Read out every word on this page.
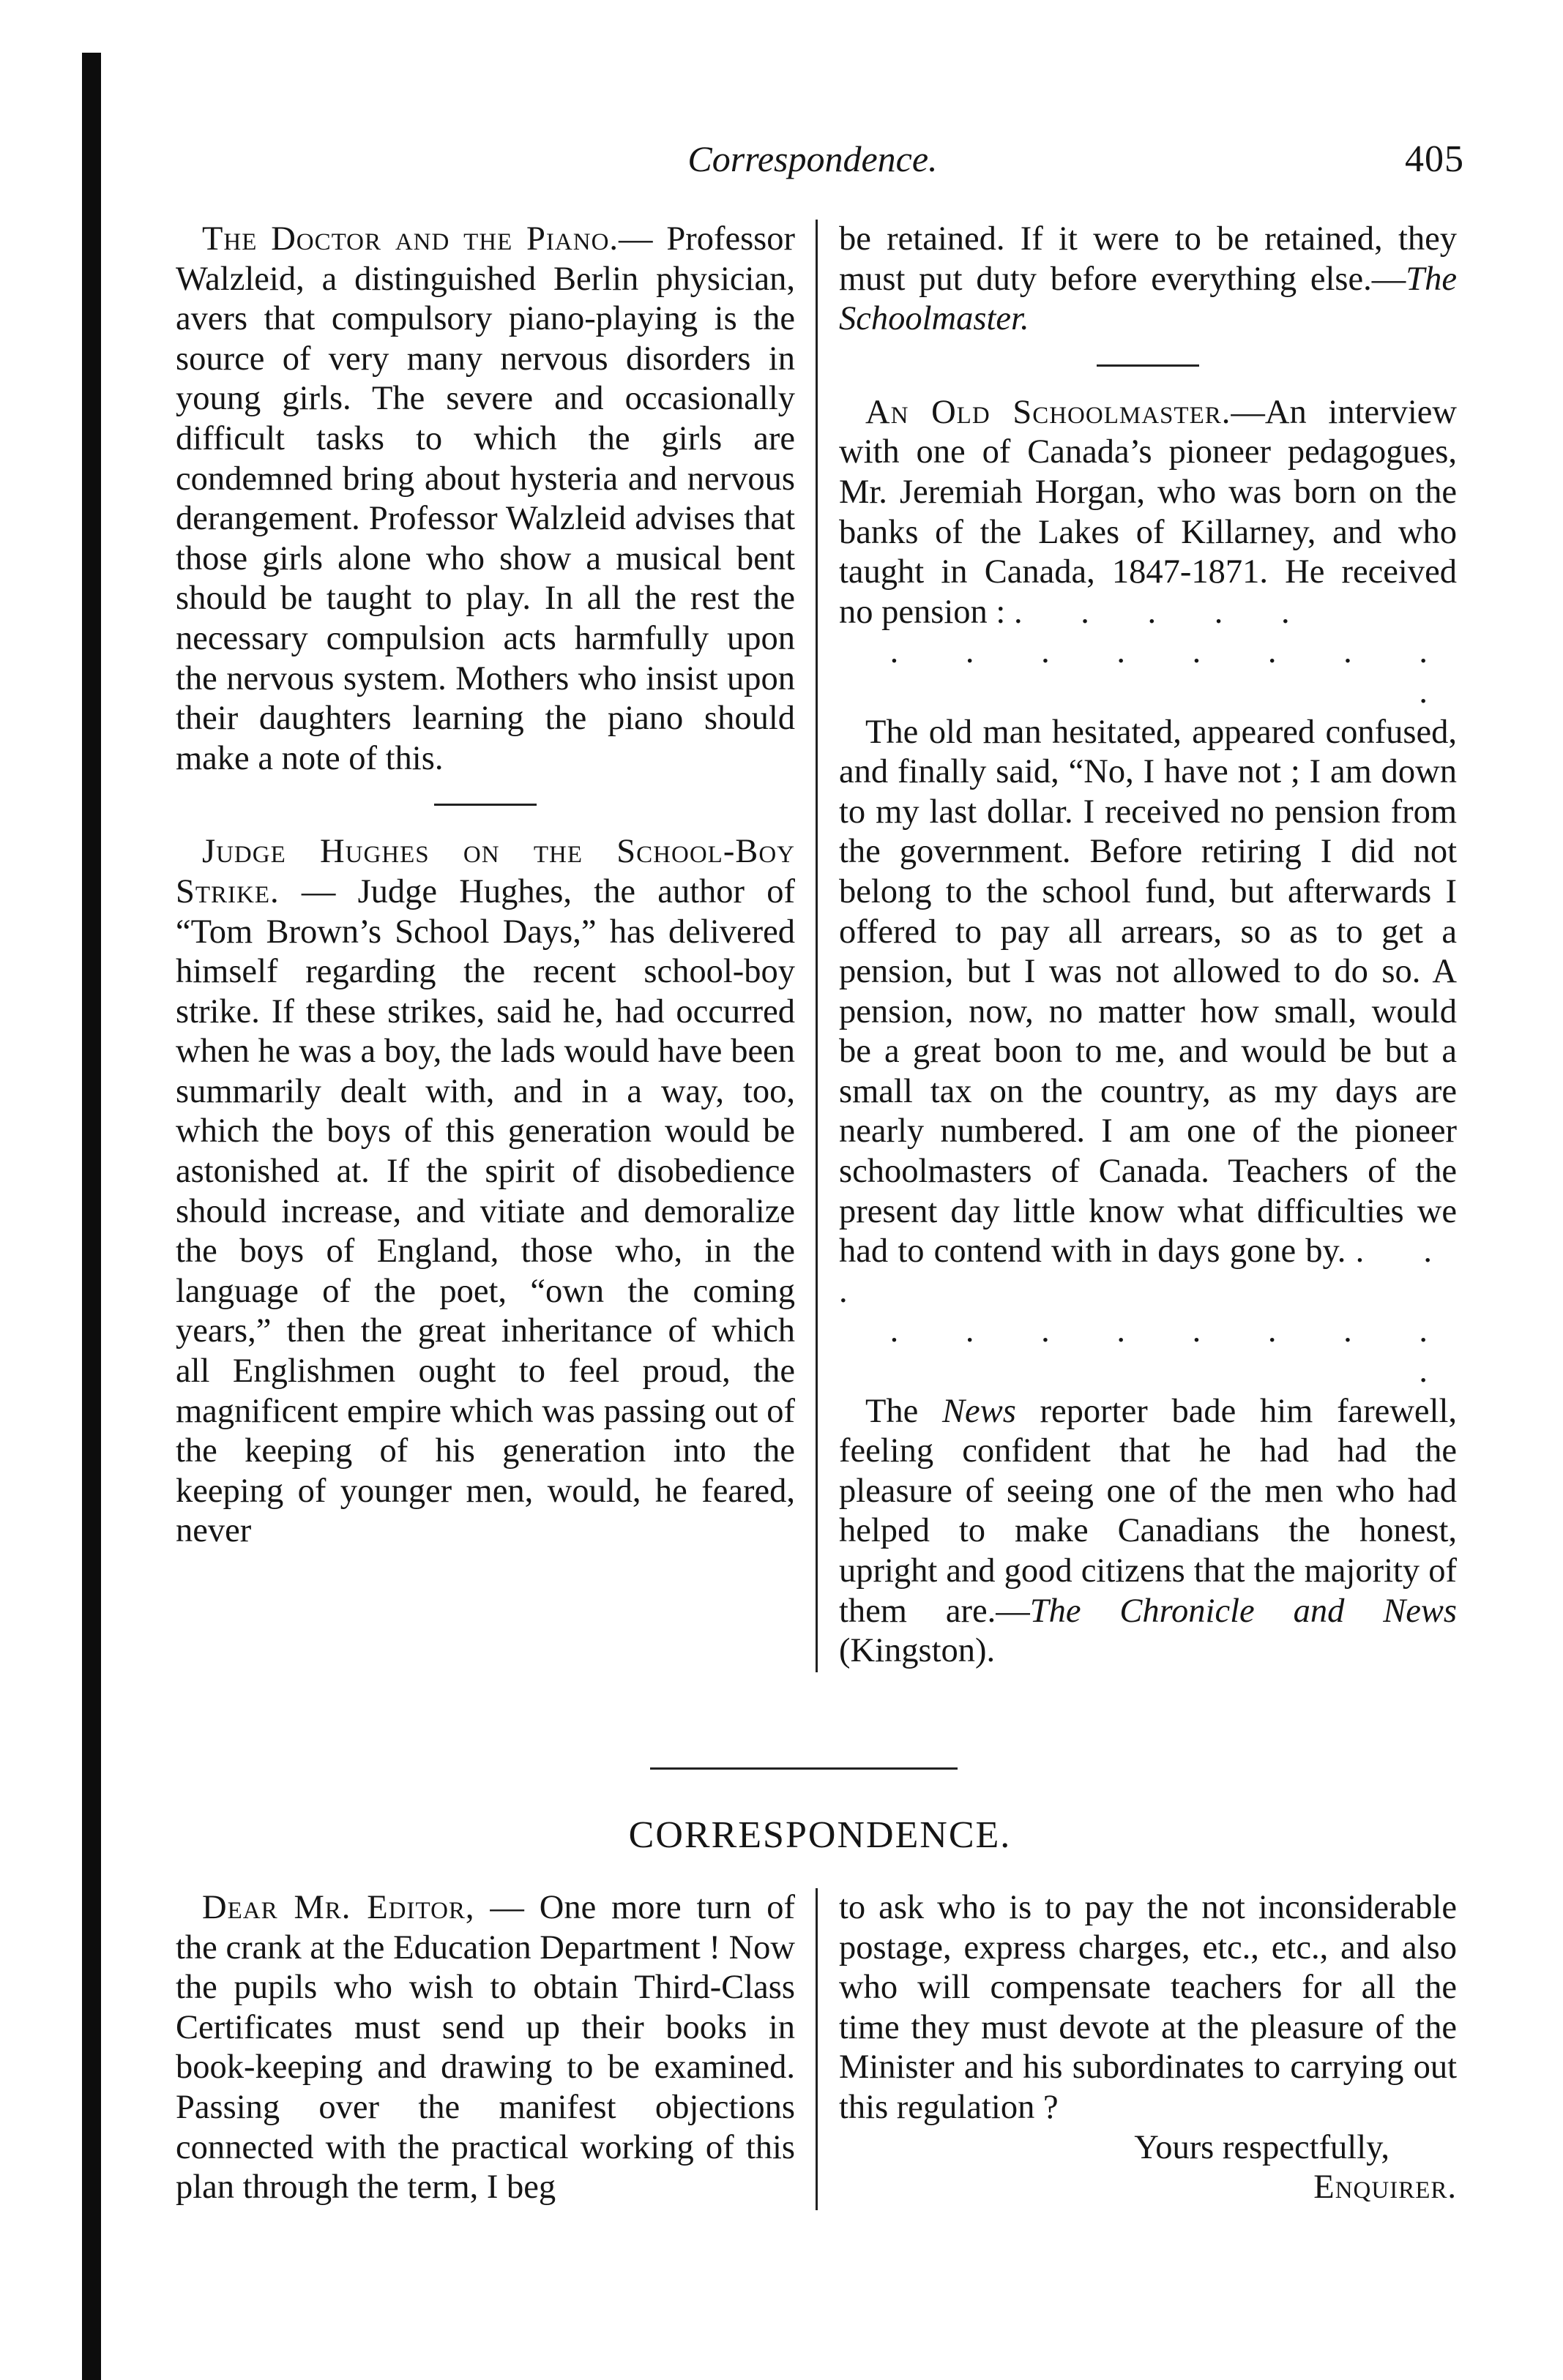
Correspondence.	405

The Doctor and the Piano.— Professor Walzleid, a distinguished Berlin physician, avers that compulsory piano-playing is the source of very many nervous disorders in young girls. The severe and occasionally difficult tasks to which the girls are condemned bring about hysteria and nervous derangement. Professor Walzleid advises that those girls alone who show a musical bent should be taught to play. In all the rest the necessary compulsion acts harmfully upon the nervous system. Mothers who insist upon their daughters learning the piano should make a note of this.

Judge Hughes on the School-Boy Strike. — Judge Hughes, the author of “Tom Brown’s School Days,” has delivered himself regarding the recent school-boy strike. If these strikes, said he, had occurred when he was a boy, the lads would have been summarily dealt with, and in a way, too, which the boys of this generation would be astonished at. If the spirit of disobedience should increase, and vitiate and demoralize the boys of England, those who, in the language of the poet, “own the coming years,” then the great inheritance of which all Englishmen ought to feel proud, the magnificent empire which was passing out of the keeping of his generation into the keeping of younger men, would, he feared, never

be retained. If it were to be retained, they must put duty before everything else.—The Schoolmaster.

An Old Schoolmaster.—An interview with one of Canada’s pioneer pedagogues, Mr. Jeremiah Horgan, who was born on the banks of the Lakes of Killarney, and who taught in Canada, 1847-1871. He received no pension : . . . . .

. . . . . . . . .

The old man hesitated, appeared confused, and finally said, “No, I have not ; I am down to my last dollar. I received no pension from the government. Before retiring I did not belong to the school fund, but afterwards I offered to pay all arrears, so as to get a pension, but I was not allowed to do so. A pension, now, no matter how small, would be a great boon to me, and would be but a small tax on the country, as my days are nearly numbered. I am one of the pioneer schoolmasters of Canada. Teachers of the present day little know what difficulties we had to contend with in days gone by. . . .

. . . . . . . . .

The News reporter bade him farewell, feeling confident that he had had the pleasure of seeing one of the men who had helped to make Canadians the honest, upright and good citizens that the majority of them are.—The Chronicle and News (Kingston).

CORRESPONDENCE.

Dear Mr. Editor, — One more turn of the crank at the Education Department ! Now the pupils who wish to obtain Third-Class Certificates must send up their books in book-keeping and drawing to be examined. Passing over the manifest objections connected with the practical working of this plan through the term, I beg

to ask who is to pay the not inconsiderable postage, express charges, etc., etc., and also who will compensate teachers for all the time they must devote at the pleasure of the Minister and his subordinates to carrying out this regulation ?

Yours respectfully,

Enquirer.
